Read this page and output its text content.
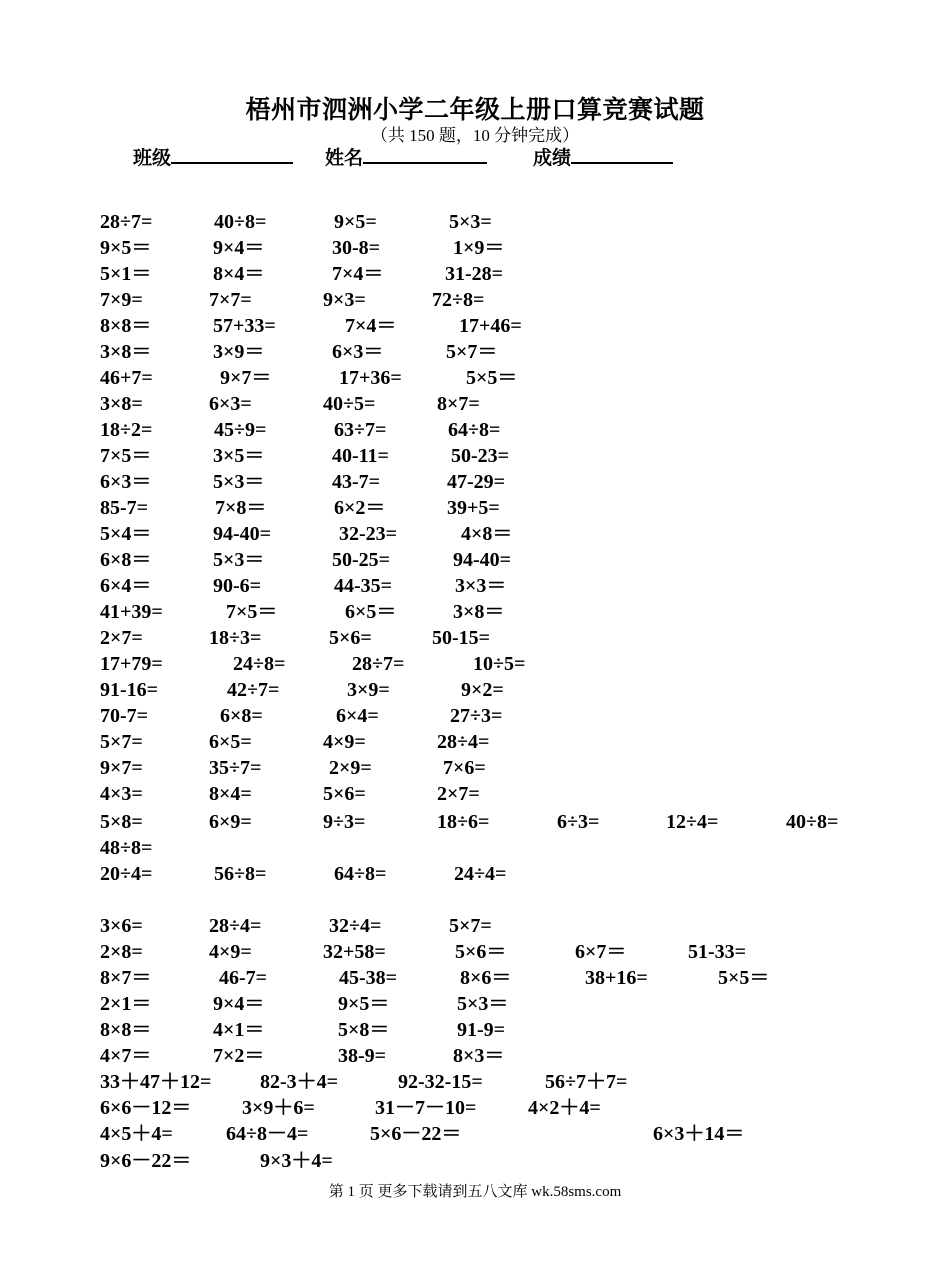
梧州市泗洲小学二年级上册口算竞赛试题
（共 150 题，10 分钟完成）
班级	姓名	成绩
28÷7=	40÷8=	9×5=	5×3=
9×5＝	9×4＝	30-8=	1×9＝
5×1＝	8×4＝	7×4＝	31-28=
7×9=	7×7=	9×3=	72÷8=
8×8＝	57+33=	7×4＝	17+46=
3×8＝	3×9＝	6×3＝	5×7＝
46+7=	9×7＝	17+36=	5×5＝
3×8=	6×3=	40÷5=	8×7=
18÷2=	45÷9=	63÷7=	64÷8=
7×5＝	3×5＝	40-11=	50-23=
6×3＝	5×3＝	43-7=	47-29=
85-7=	7×8＝	6×2＝	39+5=
5×4＝	94-40=	32-23=	4×8＝
6×8＝	5×3＝	50-25=	94-40=
6×4＝	90-6=	44-35=	3×3＝
41+39=	7×5＝	6×5＝	3×8＝
2×7=	18÷3=	5×6=	50-15=
17+79=	24÷8=	28÷7=	10÷5=
91-16=	42÷7=	3×9=	9×2=
70-7=	6×8=	6×4=	27÷3=
5×7=	6×5=	4×9=	28÷4=
9×7=	35÷7=	2×9=	7×6=
4×3=	8×4=	5×6=	2×7=
5×8=	6×9=	9÷3=	18÷6=	6÷3=	12÷4=	40÷8=
48÷8=
20÷4=	56÷8=	64÷8=	24÷4=
3×6=	28÷4=	32÷4=	5×7=
2×8=	4×9=	32+58=	5×6＝	6×7＝	51-33=
8×7＝	46-7=	45-38=	8×6＝	38+16=	5×5＝
2×1＝	9×4＝	9×5＝	5×3＝
8×8＝	4×1＝	5×8＝	91-9=
4×7＝	7×2＝	38-9=	8×3＝
33＋47＋12= 82-3＋4=	92-32-15=	56÷7＋7=
6×6－12＝	3×9＋6=	31－7－10=	4×2＋4=
4×5＋4=	64÷8－4=	5×6－22＝	6×3＋14＝
9×6－22＝	9×3＋4=
第 1 页 更多下载请到五八文库 wk.58sms.com
